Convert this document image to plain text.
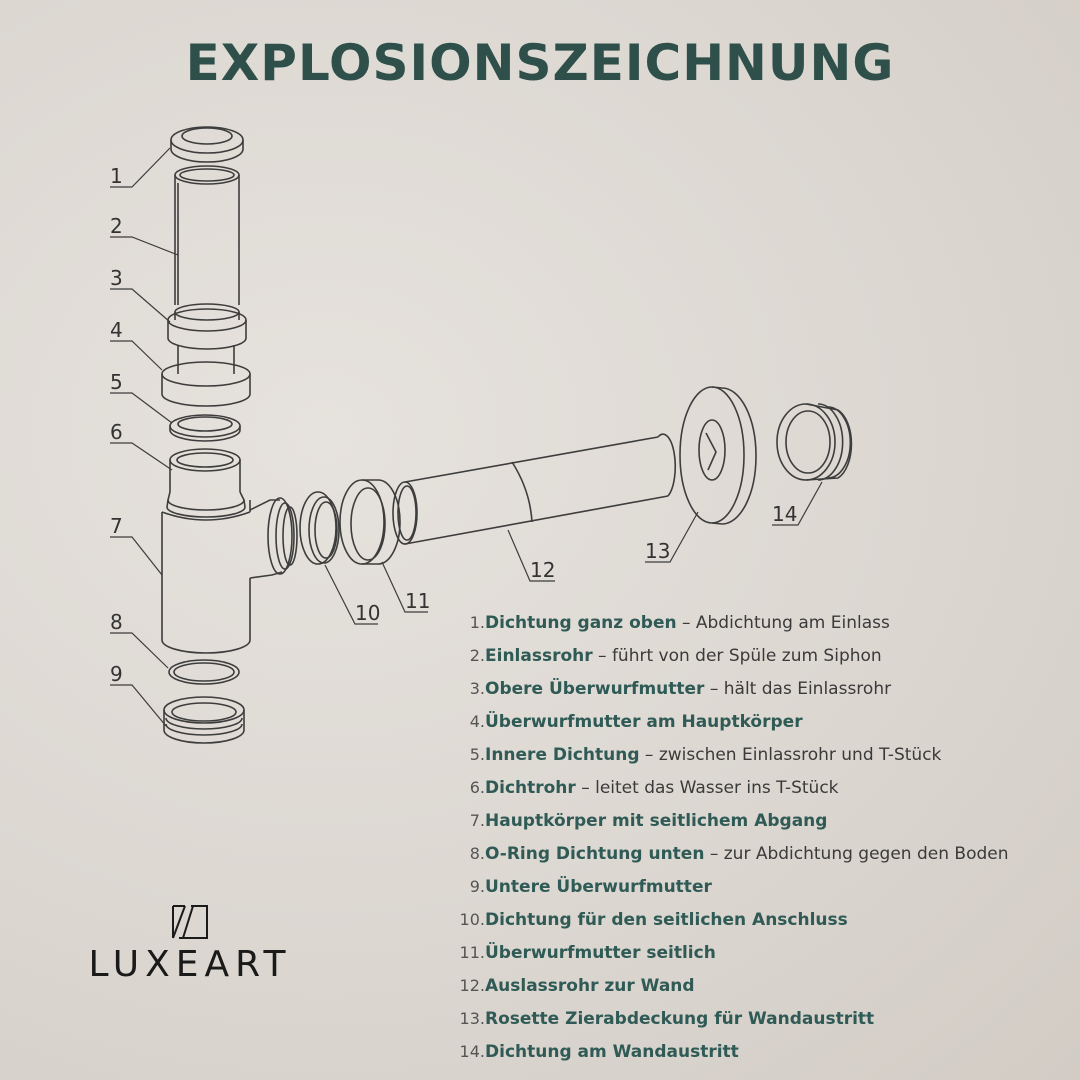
EXPLOSIONSZEICHNUNG
1
2
3
4
5
6
7
8
9
10 11
12
13
14
1.Dichtung ganz oben – Abdichtung am Einlass
2.Einlassrohr – führt von der Spüle zum Siphon
3.Obere Überwurfmutter – hält das Einlassrohr
4.Überwurfmutter am Hauptkörper
5.Innere Dichtung – zwischen Einlassrohr und T-Stück
6.Dichtrohr – leitet das Wasser ins T-Stück
7.Hauptkörper mit seitlichem Abgang
8.O-Ring Dichtung unten – zur Abdichtung gegen den Boden
9.Untere Überwurfmutter
10.Dichtung für den seitlichen Anschluss
11.Überwurfmutter seitlich
12.Auslassrohr zur Wand
13.Rosette Zierabdeckung für Wandaustritt
14.Dichtung am Wandaustritt
LUXEART
